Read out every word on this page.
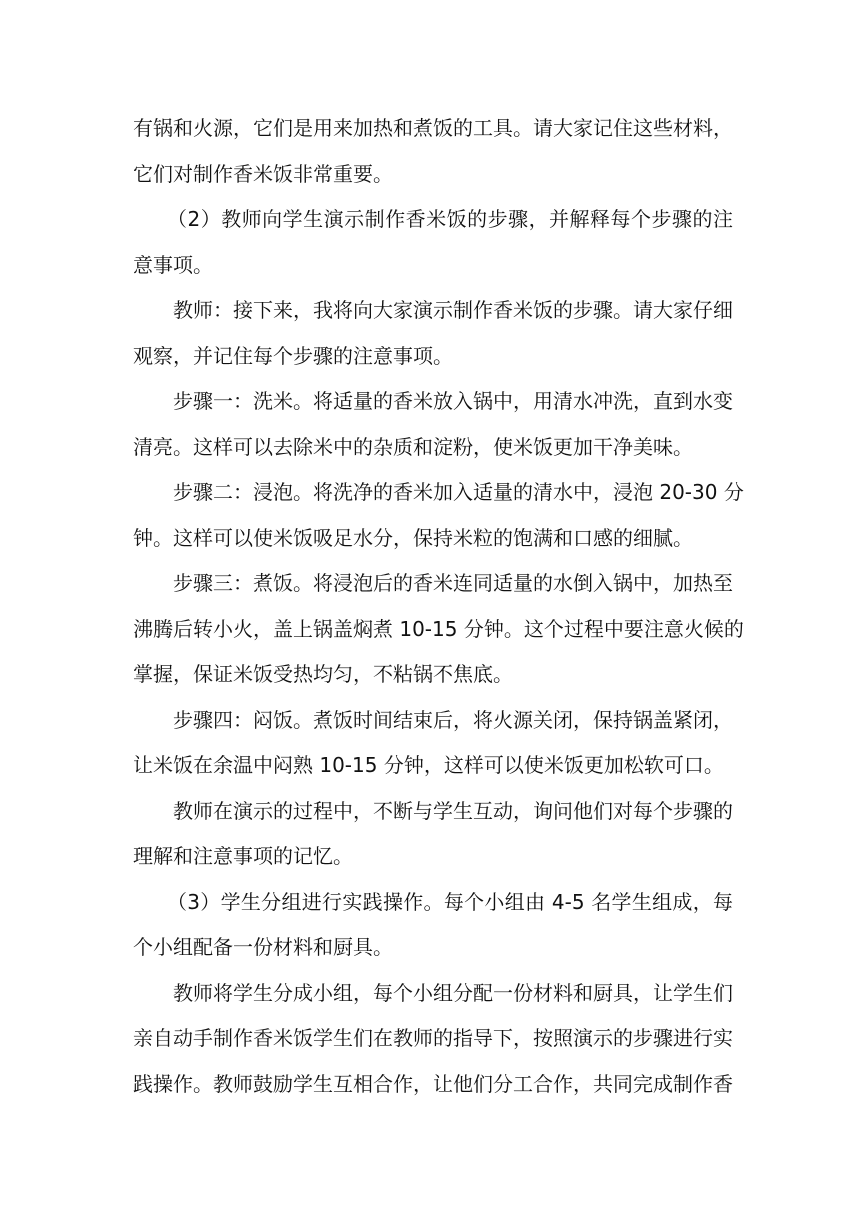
有锅和火源，它们是用来加热和煮饭的工具。请大家记住这些材料，
它们对制作香米饭非常重要。
（2）教师向学生演示制作香米饭的步骤，并解释每个步骤的注
意事项。
教师：接下来，我将向大家演示制作香米饭的步骤。请大家仔细
观察，并记住每个步骤的注意事项。
步骤一：洗米。将适量的香米放入锅中，用清水冲洗，直到水变
清亮。这样可以去除米中的杂质和淀粉，使米饭更加干净美味。
步骤二：浸泡。将洗净的香米加入适量的清水中，浸泡 20-30 分
钟。这样可以使米饭吸足水分，保持米粒的饱满和口感的细腻。
步骤三：煮饭。将浸泡后的香米连同适量的水倒入锅中，加热至
沸腾后转小火，盖上锅盖焖煮 10-15 分钟。这个过程中要注意火候的
掌握，保证米饭受热均匀，不粘锅不焦底。
步骤四：闷饭。煮饭时间结束后，将火源关闭，保持锅盖紧闭，
让米饭在余温中闷熟 10-15 分钟，这样可以使米饭更加松软可口。
教师在演示的过程中，不断与学生互动，询问他们对每个步骤的
理解和注意事项的记忆。
（3）学生分组进行实践操作。每个小组由 4-5 名学生组成，每
个小组配备一份材料和厨具。
教师将学生分成小组，每个小组分配一份材料和厨具，让学生们
亲自动手制作香米饭学生们在教师的指导下，按照演示的步骤进行实
践操作。教师鼓励学生互相合作，让他们分工合作，共同完成制作香
